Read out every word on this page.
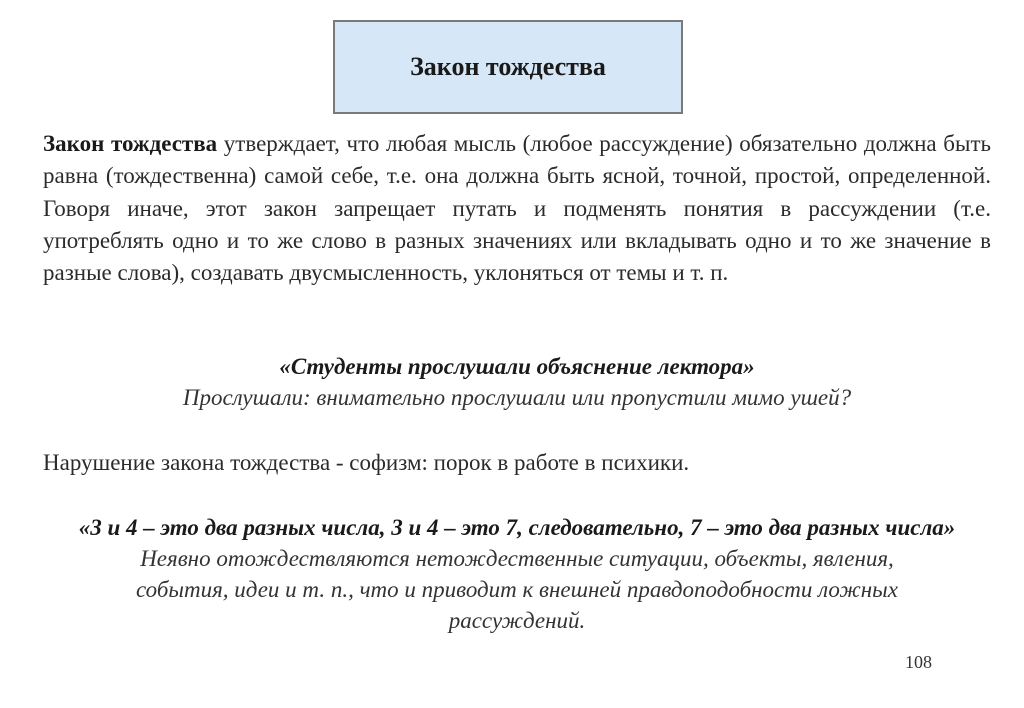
Закон тождества

Закон тождества утверждает, что любая мысль (любое рассуждение) обязательно должна быть равна (тождественна) самой себе, т.е. она должна быть ясной, точной, простой, определенной. Говоря иначе, этот закон запрещает путать и подменять понятия в рассуждении (т.е. употреблять одно и то же слово в разных значениях или вкладывать одно и то же значение в разные слова), создавать двусмысленность, уклоняться от темы и т. п.

«Студенты прослушали объяснение лектора»
Прослушали: внимательно прослушали или пропустили мимо ушей?
Нарушение закона тождества - софизм: порок в работе в психики.
«3 и 4 – это два разных числа, 3 и 4 – это 7, следовательно, 7 – это два разных числа»
Неявно отождествляются нетождественные ситуации, объекты, явления, события, идеи и т. п., что и приводит к внешней правдоподобности ложных рассуждений.
108
